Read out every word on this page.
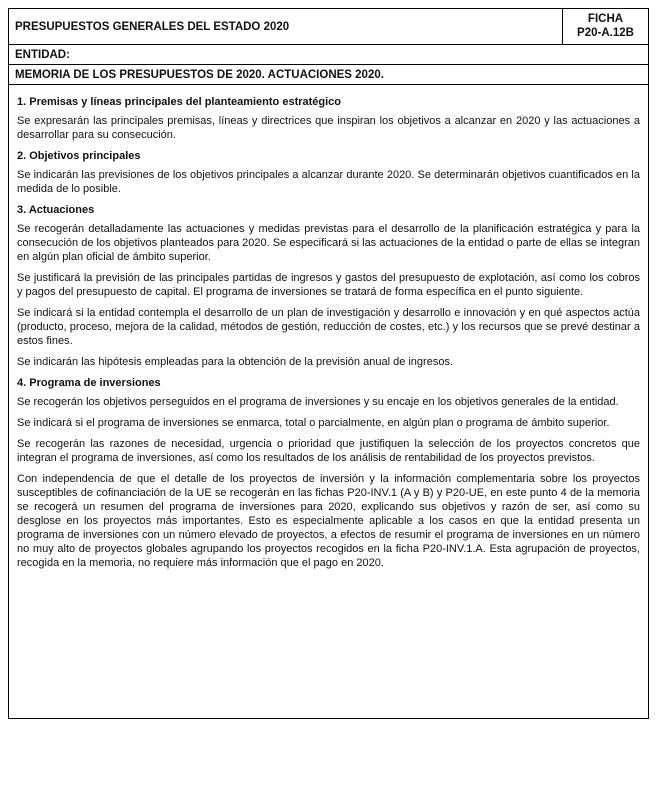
PRESUPUESTOS GENERALES DEL ESTADO 2020
FICHA
P20-A.12B
ENTIDAD:
MEMORIA DE LOS PRESUPUESTOS DE 2020. ACTUACIONES 2020.
1. Premisas y líneas principales del planteamiento estratégico

Se expresarán las principales premisas, líneas y directrices que inspiran los objetivos a alcanzar en 2020 y las actuaciones a desarrollar para su consecución.

2. Objetivos principales

Se indicarán las previsiones de los objetivos principales a alcanzar durante 2020. Se determinarán objetivos cuantificados en la medida de lo posible.

3. Actuaciones

Se recogerán detalladamente las actuaciones y medidas previstas para el desarrollo de la planificación estratégica y para la consecución de los objetivos planteados para 2020. Se especificará si las actuaciones de la entidad o parte de ellas se integran en algún plan oficial de ámbito superior.

Se justificará la previsión de las principales partidas de ingresos y gastos del presupuesto de explotación, así como los cobros y pagos del presupuesto de capital. El programa de inversiones se tratará de forma específica en el punto siguiente.

Se indicará si la entidad contempla el desarrollo de un plan de investigación y desarrollo e innovación y en qué aspectos actúa (producto, proceso, mejora de la calidad, métodos de gestión, reducción de costes, etc.) y los recursos que se prevé destinar a estos fines.

Se indicarán las hipótesis empleadas para la obtención de la previsión anual de ingresos.

4. Programa de inversiones

Se recogerán los objetivos perseguidos en el programa de inversiones y su encaje en los objetivos generales de la entidad.

Se indicará si el programa de inversiones se enmarca, total o parcialmente, en algún plan o programa de ámbito superior.

Se recogerán las razones de necesidad, urgencia o prioridad que justifiquen la selección de los proyectos concretos que integran el programa de inversiones, así como los resultados de los análisis de rentabilidad de los proyectos previstos.

Con independencia de que el detalle de los proyectos de inversión y la información complementaria sobre los proyectos susceptibles de cofinanciación de la UE se recogerán en las fichas P20-INV.1 (A y B) y P20-UE, en este punto 4 de la memoria se recogerá un resumen del programa de inversiones para 2020, explicando sus objetivos y razón de ser, así como su desglose en los proyectos más importantes. Esto es especialmente aplicable a los casos en que la entidad presenta un programa de inversiones con un número elevado de proyectos, a efectos de resumir el programa de inversiones en un número no muy alto de proyectos globales agrupando los proyectos recogidos en la ficha P20-INV.1.A. Esta agrupación de proyectos, recogida en la memoria, no requiere más información que el pago en 2020.
